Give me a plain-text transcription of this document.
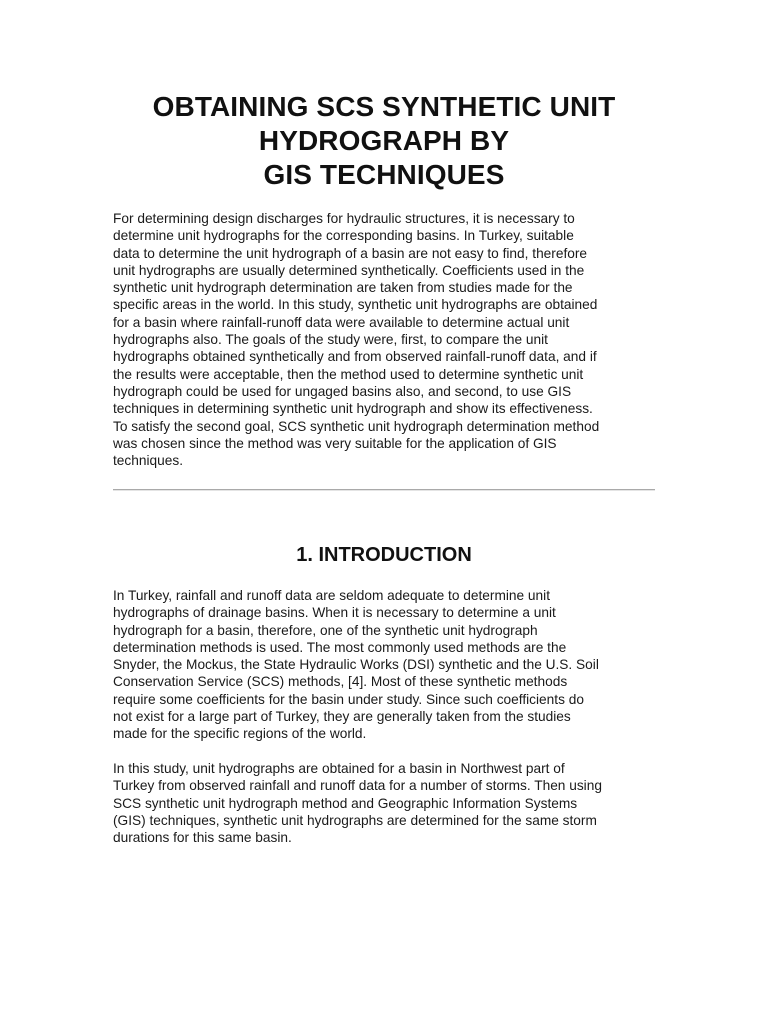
OBTAINING SCS SYNTHETIC UNIT
HYDROGRAPH BY
GIS TECHNIQUES

For determining design discharges for hydraulic structures, it is necessary to
determine unit hydrographs for the corresponding basins. In Turkey, suitable
data to determine the unit hydrograph of a basin are not easy to find, therefore
unit hydrographs are usually determined synthetically. Coefficients used in the
synthetic unit hydrograph determination are taken from studies made for the
specific areas in the world. In this study, synthetic unit hydrographs are obtained
for a basin where rainfall-runoff data were available to determine actual unit
hydrographs also. The goals of the study were, first, to compare the unit
hydrographs obtained synthetically and from observed rainfall-runoff data, and if
the results were acceptable, then the method used to determine synthetic unit
hydrograph could be used for ungaged basins also, and second, to use GIS
techniques in determining synthetic unit hydrograph and show its effectiveness.
To satisfy the second goal, SCS synthetic unit hydrograph determination method
was chosen since the method was very suitable for the application of GIS
techniques.

1. INTRODUCTION

In Turkey, rainfall and runoff data are seldom adequate to determine unit
hydrographs of drainage basins. When it is necessary to determine a unit
hydrograph for a basin, therefore, one of the synthetic unit hydrograph
determination methods is used. The most commonly used methods are the
Snyder, the Mockus, the State Hydraulic Works (DSI) synthetic and the U.S. Soil
Conservation Service (SCS) methods, [4]. Most of these synthetic methods
require some coefficients for the basin under study. Since such coefficients do
not exist for a large part of Turkey, they are generally taken from the studies
made for the specific regions of the world.

In this study, unit hydrographs are obtained for a basin in Northwest part of
Turkey from observed rainfall and runoff data for a number of storms. Then using
SCS synthetic unit hydrograph method and Geographic Information Systems
(GIS) techniques, synthetic unit hydrographs are determined for the same storm
durations for this same basin.
